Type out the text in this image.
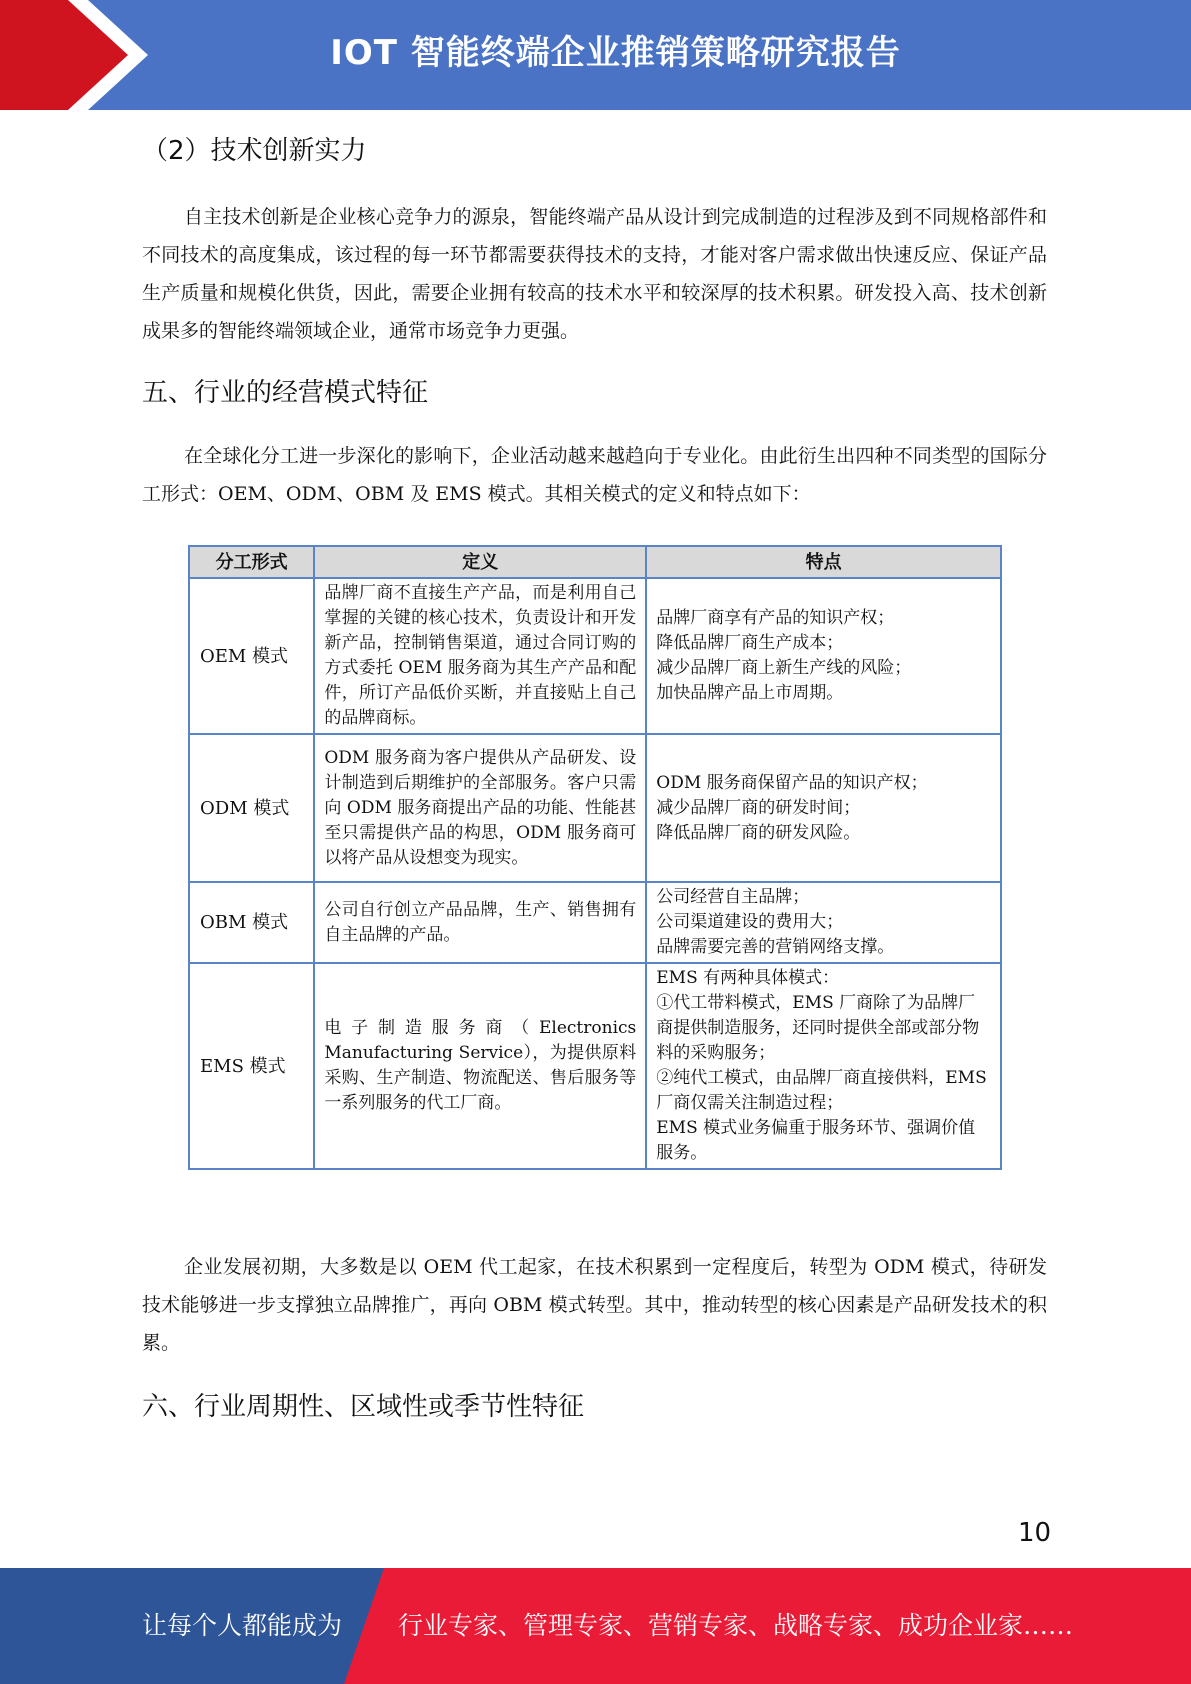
IOT 智能终端企业推销策略研究报告
（2）技术创新实力

自主技术创新是企业核心竞争力的源泉，智能终端产品从设计到完成制造的过程涉及到不同规格部件和不同技术的高度集成，该过程的每一环节都需要获得技术的支持，才能对客户需求做出快速反应、保证产品生产质量和规模化供货，因此，需要企业拥有较高的技术水平和较深厚的技术积累。研发投入高、技术创新成果多的智能终端领域企业，通常市场竞争力更强。

五、行业的经营模式特征

在全球化分工进一步深化的影响下，企业活动越来越趋向于专业化。由此衍生出四种不同类型的国际分工形式：OEM、ODM、OBM 及 EMS 模式。其相关模式的定义和特点如下：

分工形式	定义	特点
OEM 模式	品牌厂商不直接生产产品，而是利用自己掌握的关键的核心技术，负责设计和开发新产品，控制销售渠道，通过合同订购的方式委托 OEM 服务商为其生产产品和配件，所订产品低价买断，并直接贴上自己的品牌商标。	品牌厂商享有产品的知识产权；
降低品牌厂商生产成本；
减少品牌厂商上新生产线的风险；
加快品牌产品上市周期。

ODM 模式	ODM 服务商为客户提供从产品研发、设计制造到后期维护的全部服务。客户只需向 ODM 服务商提出产品的功能、性能甚至只需提供产品的构思，ODM 服务商可以将产品从设想变为现实。	ODM 服务商保留产品的知识产权；
减少品牌厂商的研发时间；
降低品牌厂商的研发风险。

OBM 模式	公司自行创立产品品牌，生产、销售拥有自主品牌的产品。	公司经营自主品牌；
公司渠道建设的费用大；
品牌需要完善的营销网络支撑。

EMS 模式	电子制造服务商（Electronics Manufacturing Service），为提供原料采购、生产制造、物流配送、售后服务等一系列服务的代工厂商。	EMS 有两种具体模式：
①代工带料模式，EMS 厂商除了为品牌厂商提供制造服务，还同时提供全部或部分物料的采购服务；
②纯代工模式，由品牌厂商直接供料，EMS 厂商仅需关注制造过程；
EMS 模式业务偏重于服务环节、强调价值服务。

企业发展初期，大多数是以 OEM 代工起家，在技术积累到一定程度后，转型为 ODM 模式，待研发技术能够进一步支撑独立品牌推广，再向 OBM 模式转型。其中，推动转型的核心因素是产品研发技术的积累。

六、行业周期性、区域性或季节性特征
10
让每个人都能成为 行业专家、管理专家、营销专家、战略专家、成功企业家……
